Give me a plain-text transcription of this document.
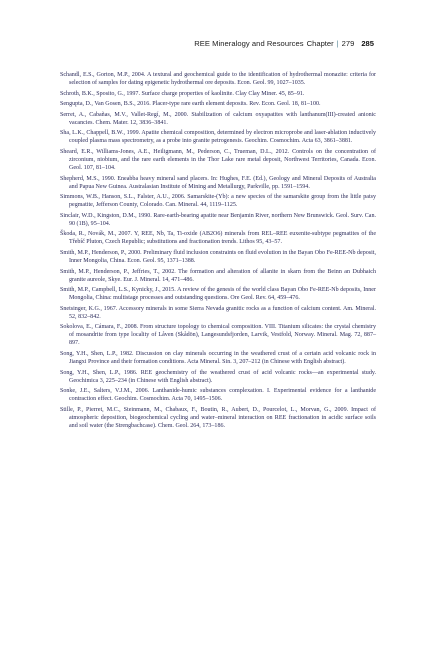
REE Mineralogy and Resources Chapter | 279 285

Schandl, E.S., Gorton, M.P., 2004. A textural and geochemical guide to the identification of hydrothermal monazite: criteria for selection of samples for dating epigenetic hydrothermal ore deposits. Econ. Geol. 99, 1027–1035.

Schroth, B.K., Sposito, G., 1997. Surface charge properties of kaolinite. Clay Clay Miner. 45, 85–91.

Sengupta, D., Van Gosen, B.S., 2016. Placer-type rare earth element deposits. Rev. Econ. Geol. 18, 81–100.

Serret, A., Cabañas, M.V., Vallet-Regí, M., 2000. Stabilization of calcium oxyapatites with lanthanum(III)-created anionic vacancies. Chem. Mater. 12, 3836–3841.

Sha, L.K., Chappell, B.W., 1999. Apatite chemical composition, determined by electron microprobe and laser-ablation inductively coupled plasma mass spectrometry, as a probe into granite petrogenesis. Geochim. Cosmochim. Acta 63, 3861–3881.

Sheard, E.R., Williams-Jones, A.E., Heiligmann, M., Pederson, C., Trueman, D.L., 2012. Controls on the concentration of zirconium, niobium, and the rare earth elements in the Thor Lake rare metal deposit, Northwest Territories, Canada. Econ. Geol. 107, 81–104.

Shepherd, M.S., 1990. Eneabba heavy mineral sand placers. In: Hughes, F.E. (Ed.), Geology and Mineral Deposits of Australia and Papua New Guinea. Australasian Institute of Mining and Metallurgy, Parkville, pp. 1591–1594.

Simmons, W.B., Hanson, S.L., Falster, A.U., 2006. Samarskite-(Yb): a new species of the samarskite group from the little patsy pegmatite, Jefferson County, Colorado. Can. Mineral. 44, 1119–1125.

Sinclair, W.D., Kingston, D.M., 1990. Rare-earth-bearing apatite near Benjamin River, northern New Brunswick. Geol. Surv. Can. 90 (1B), 95–104.

Škoda, R., Novák, M., 2007. Y, REE, Nb, Ta, Ti-oxide (AB2O6) minerals from REL–REE euxenite-subtype pegmatites of the Třebíč Pluton, Czech Republic; substitutions and fractionation trends. Lithos 95, 43–57.

Smith, M.P., Henderson, P., 2000. Preliminary fluid inclusion constraints on fluid evolution in the Bayan Obo Fe-REE-Nb deposit, Inner Mongolia, China. Econ. Geol. 95, 1371–1388.

Smith, M.P., Henderson, P., Jeffries, T., 2002. The formation and alteration of allanite in skarn from the Beinn an Dubhaich granite aureole, Skye. Eur. J. Mineral. 14, 471–486.

Smith, M.P., Campbell, L.S., Kynicky, J., 2015. A review of the genesis of the world class Bayan Obo Fe-REE-Nb deposits, Inner Mongolia, China: multistage processes and outstanding questions. Ore Geol. Rev. 64, 459–476.

Snetsinger, K.G., 1967. Accessory minerals in some Sierra Nevada granitic rocks as a function of calcium content. Am. Mineral. 52, 832–842.

Sokolova, E., Cámara, F., 2008. From structure topology to chemical composition. VIII. Titanium silicates: the crystal chemistry of mosandrite from type locality of Låven (Skådön), Langesundsfjorden, Larvik, Vestfold, Norway. Mineral. Mag. 72, 887–897.

Song, Y.H., Shen, L.P., 1982. Discussion on clay minerals occurring in the weathered crust of a certain acid volcanic rock in Jiangxi Province and their formation conditions. Acta Mineral. Sin. 3, 207–212 (in Chinese with English abstract).

Song, Y.H., Shen, L.P., 1986. REE geochemistry of the weathered crust of acid volcanic rocks—an experimental study. Geochimica 3, 225–234 (in Chinese with English abstract).

Sonke, J.E., Salters, V.J.M., 2006. Lanthanide-humic substances complexation. I. Experimental evidence for a lanthanide contraction effect. Geochim. Cosmochim. Acta 70, 1495–1506.

Stille, P., Pierret, M.C., Steinmann, M., Chabaux, F., Boutin, R., Aubert, D., Pourcelot, L., Morvan, G., 2009. Impact of atmospheric deposition, biogeochemical cycling and water–mineral interaction on REE fractionation in acidic surface soils and soil water (the Strengbachcase). Chem. Geol. 264, 173–186.
